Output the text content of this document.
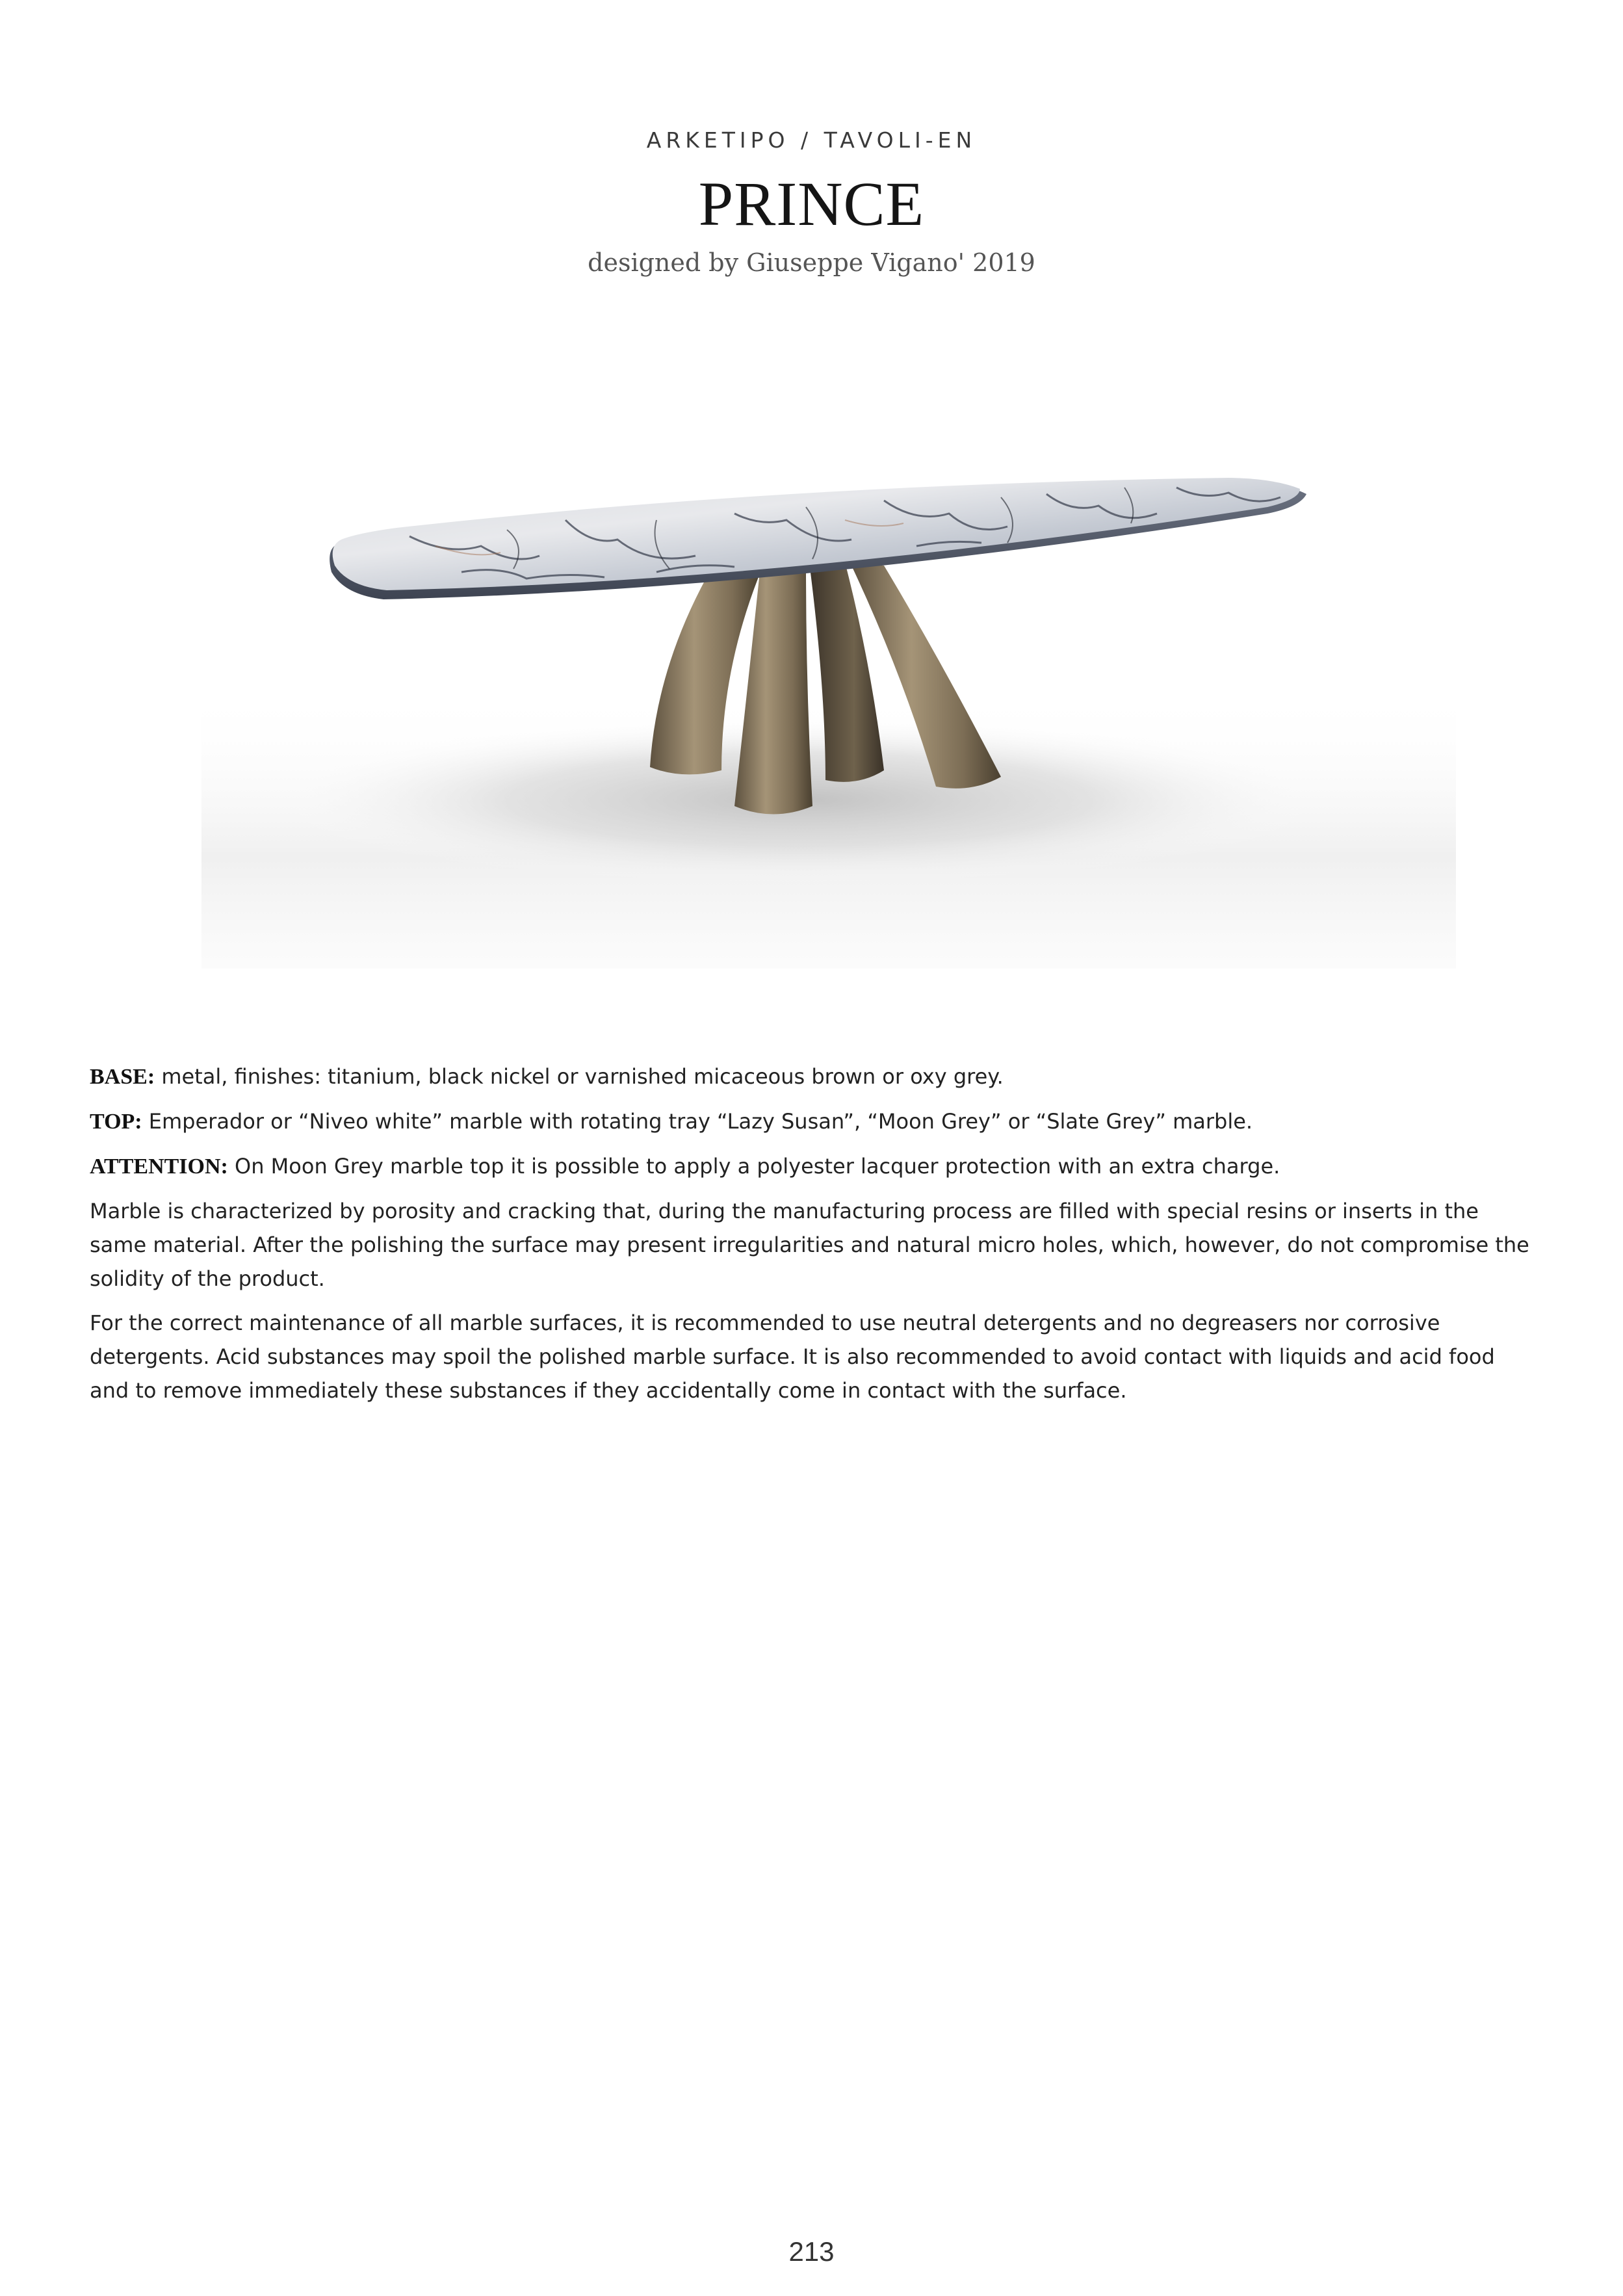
ARKETIPO / TAVOLI-EN
PRINCE
designed by Giuseppe Vigano' 2019

BASE: metal, finishes: titanium, black nickel or varnished micaceous brown or oxy grey.

TOP: Emperador or “Niveo white” marble with rotating tray “Lazy Susan”, “Moon Grey” or “Slate Grey” marble.

ATTENTION: On Moon Grey marble top it is possible to apply a polyester lacquer protection with an extra charge.

Marble is characterized by porosity and cracking that, during the manufacturing process are filled with special resins or inserts in the same material. After the polishing the surface may present irregularities and natural micro holes, which, however, do not compromise the solidity of the product.

For the correct maintenance of all marble surfaces, it is recommended to use neutral detergents and no degreasers nor corrosive detergents. Acid substances may spoil the polished marble surface. It is also recommended to avoid contact with liquids and acid food and to remove immediately these substances if they accidentally come in contact with the surface.

213
